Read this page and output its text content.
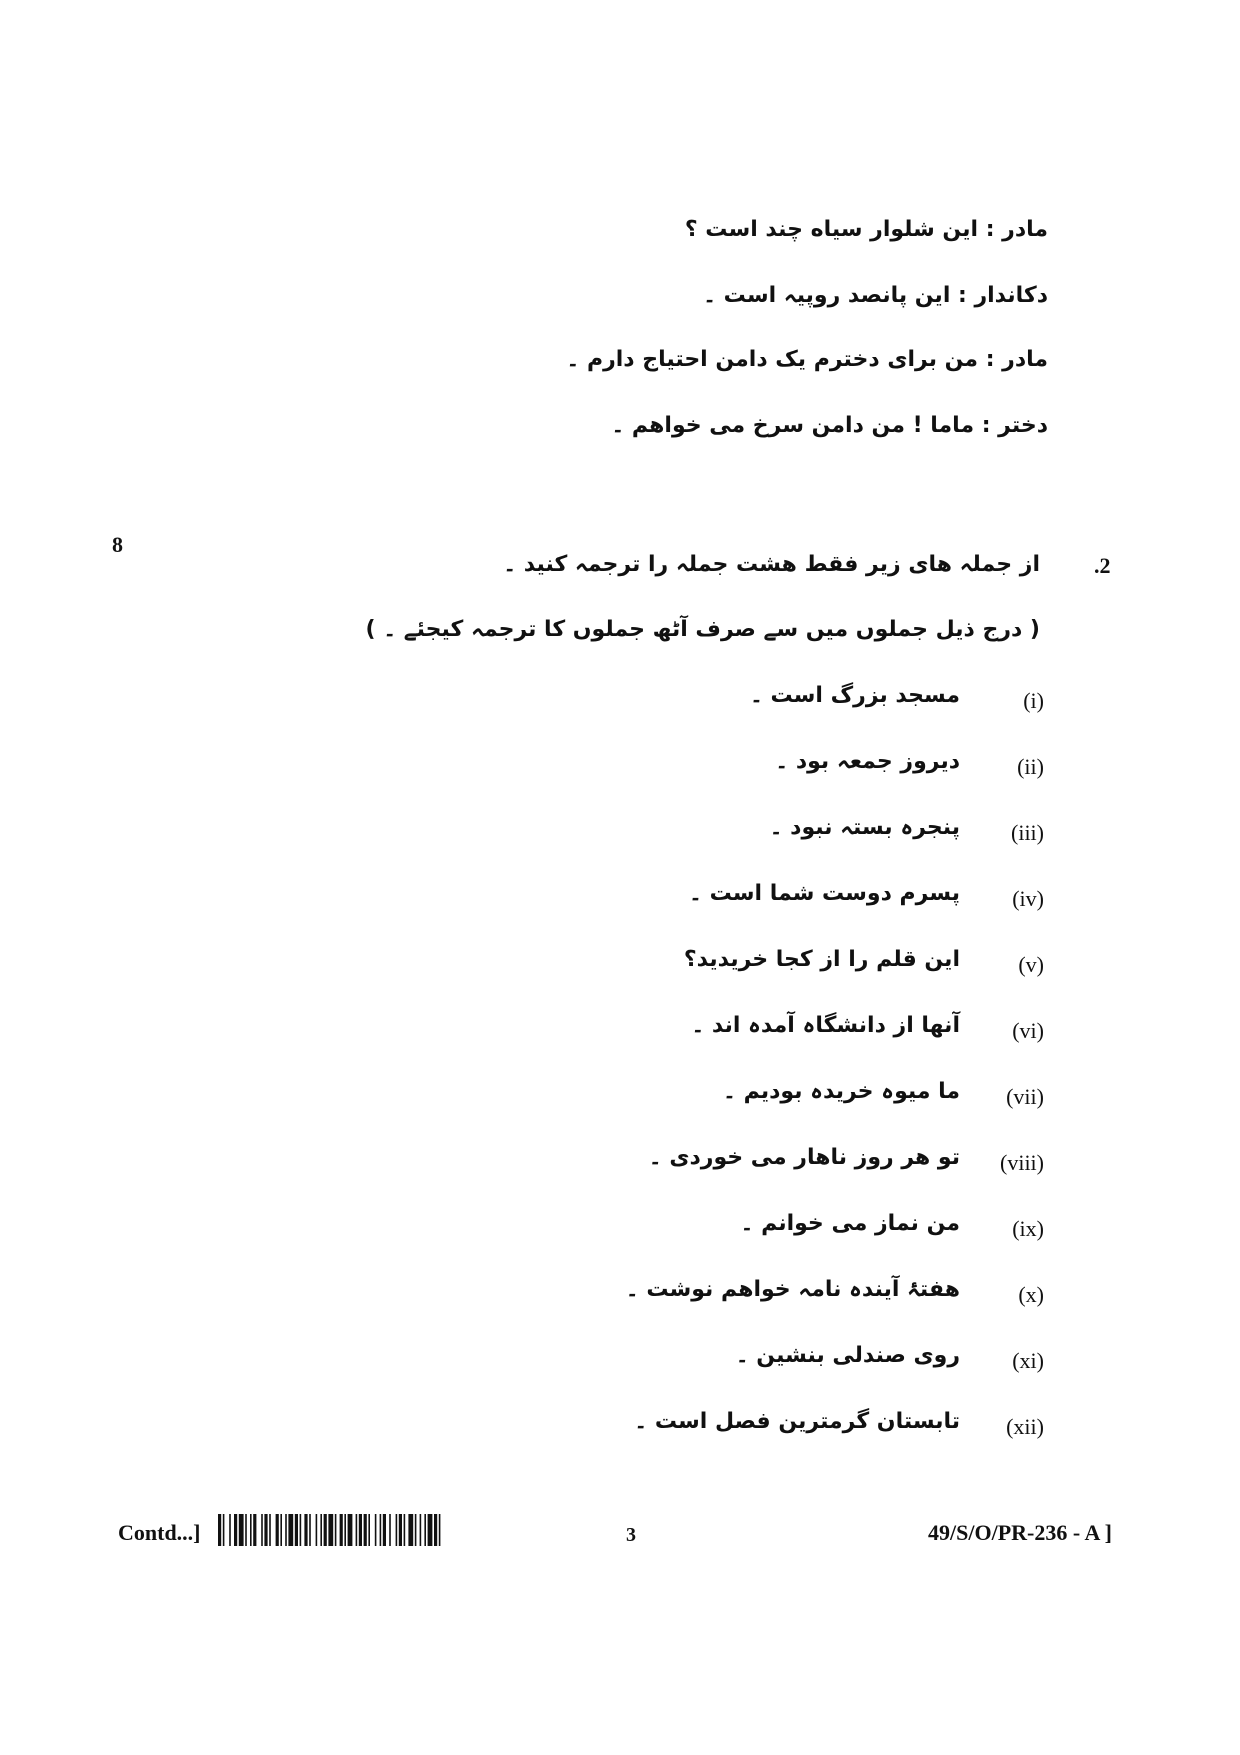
مادر : این شلوار سیاه چند است ؟
دکاندار : این پانصد روپیہ است ۔
مادر : من برای دخترم یک دامن احتیاج دارم ۔
دختر : ماما ! من دامن سرخ می خواهم ۔
8
.2
از جملہ ھای زیر فقط ھشت جملہ را ترجمہ کنید ۔
( درج ذیل جملوں میں سے صرف آٹھ جملوں کا ترجمہ کیجئے ۔ )
(i)
مسجد بزرگ است ۔
(ii)
دیروز جمعہ بود ۔
(iii)
پنجرہ بستہ نبود ۔
(iv)
پسرم دوست شما است ۔
(v)
این قلم را از کجا خریدید؟
(vi)
آنھا از دانشگاہ آمدہ اند ۔
(vii)
ما میوہ خریدہ بودیم ۔
(viii)
تو ھر روز ناھار می خوردی ۔
(ix)
من نماز می خوانم ۔
(x)
ھفتۂ آیندہ نامہ خواھم نوشت ۔
(xi)
روی صندلی بنشین ۔
(xii)
تابستان گرمترین فصل است ۔
Contd...]	3	49/S/O/PR-236 - A ]
